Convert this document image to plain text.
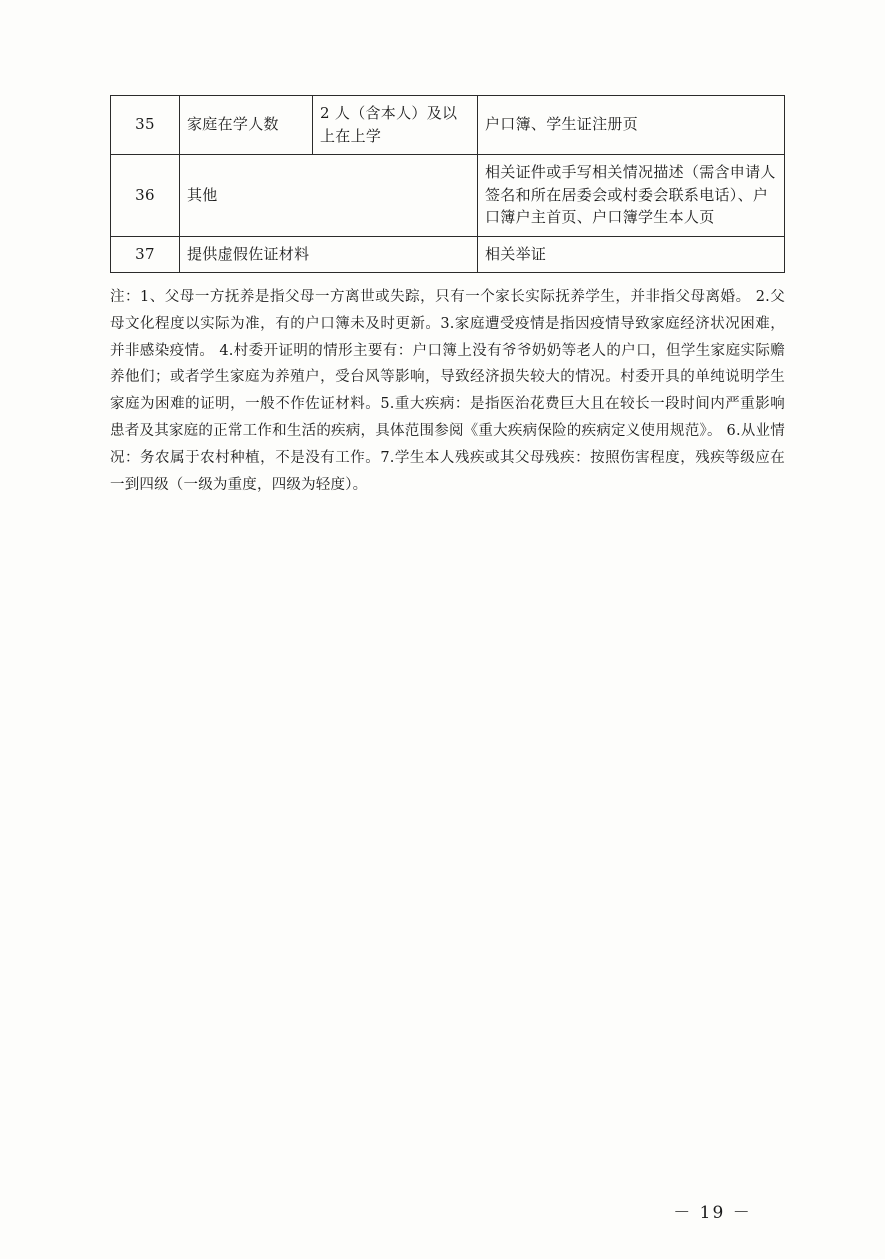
35	家庭在学人数	2 人（含本人）及以上在上学	户口簿、学生证注册页
36	其他		相关证件或手写相关情况描述（需含申请人签名和所在居委会或村委会联系电话）、户口簿户主首页、户口簿学生本人页
37	提供虚假佐证材料		相关举证
注：1、父母一方抚养是指父母一方离世或失踪，只有一个家长实际抚养学生，并非指父母离婚。 2.父母文化程度以实际为准，有的户口簿未及时更新。3.家庭遭受疫情是指因疫情导致家庭经济状况困难，并非感染疫情。 4.村委开证明的情形主要有：户口簿上没有爷爷奶奶等老人的户口，但学生家庭实际赡养他们；或者学生家庭为养殖户，受台风等影响，导致经济损失较大的情况。村委开具的单纯说明学生家庭为困难的证明，一般不作佐证材料。5.重大疾病：是指医治花费巨大且在较长一段时间内严重影响患者及其家庭的正常工作和生活的疾病，具体范围参阅《重大疾病保险的疾病定义使用规范》。 6.从业情况：务农属于农村种植，不是没有工作。7.学生本人残疾或其父母残疾：按照伤害程度，残疾等级应在一到四级（一级为重度，四级为轻度）。
－ 19 －
